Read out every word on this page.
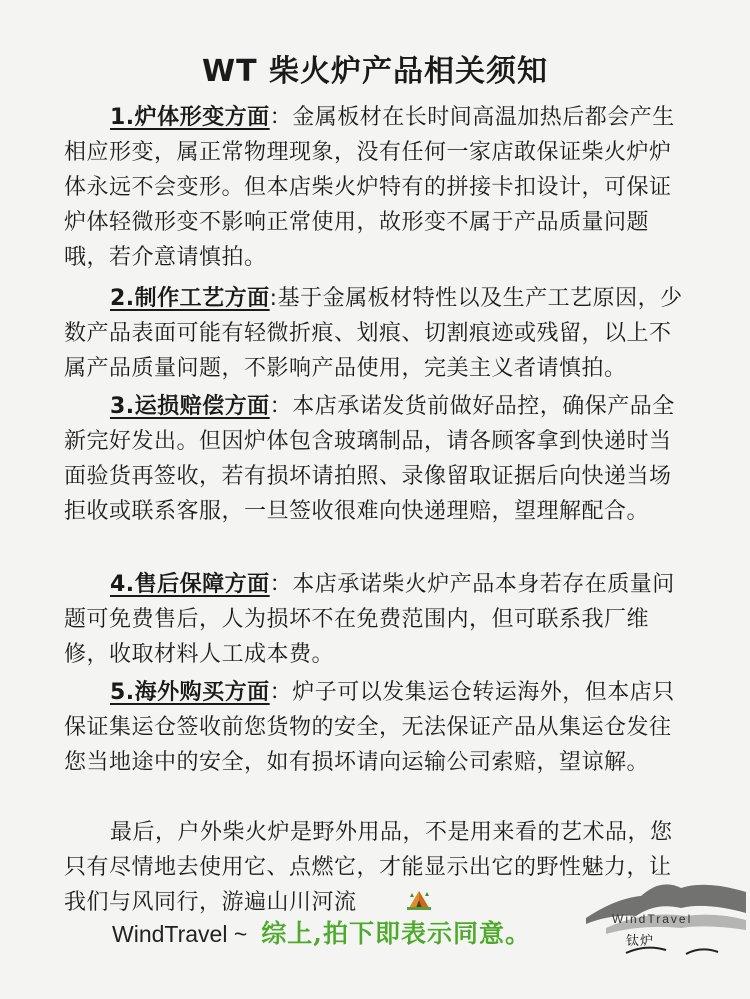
WT 柴火炉产品相关须知
1.炉体形变方面：金属板材在长时间高温加热后都会产生相应形变，属正常物理现象，没有任何一家店敢保证柴火炉炉体永远不会变形。但本店柴火炉特有的拼接卡扣设计，可保证炉体轻微形变不影响正常使用，故形变不属于产品质量问题哦，若介意请慎拍。
2.制作工艺方面:基于金属板材特性以及生产工艺原因，少数产品表面可能有轻微折痕、划痕、切割痕迹或残留，以上不属产品质量问题，不影响产品使用，完美主义者请慎拍。
3.运损赔偿方面：本店承诺发货前做好品控，确保产品全新完好发出。但因炉体包含玻璃制品，请各顾客拿到快递时当面验货再签收，若有损坏请拍照、录像留取证据后向快递当场拒收或联系客服，一旦签收很难向快递理赔，望理解配合。
4.售后保障方面：本店承诺柴火炉产品本身若存在质量问题可免费售后，人为损坏不在免费范围内，但可联系我厂维修，收取材料人工成本费。
5.海外购买方面：炉子可以发集运仓转运海外，但本店只保证集运仓签收前您货物的安全，无法保证产品从集运仓发往您当地途中的安全，如有损坏请向运输公司索赔，望谅解。
最后，户外柴火炉是野外用品，不是用来看的艺术品，您只有尽情地去使用它、点燃它，才能显示出它的野性魅力，让我们与风同行，游遍山川河流
WindTravel ~ 综上,拍下即表示同意。	WindTravel
钛炉
